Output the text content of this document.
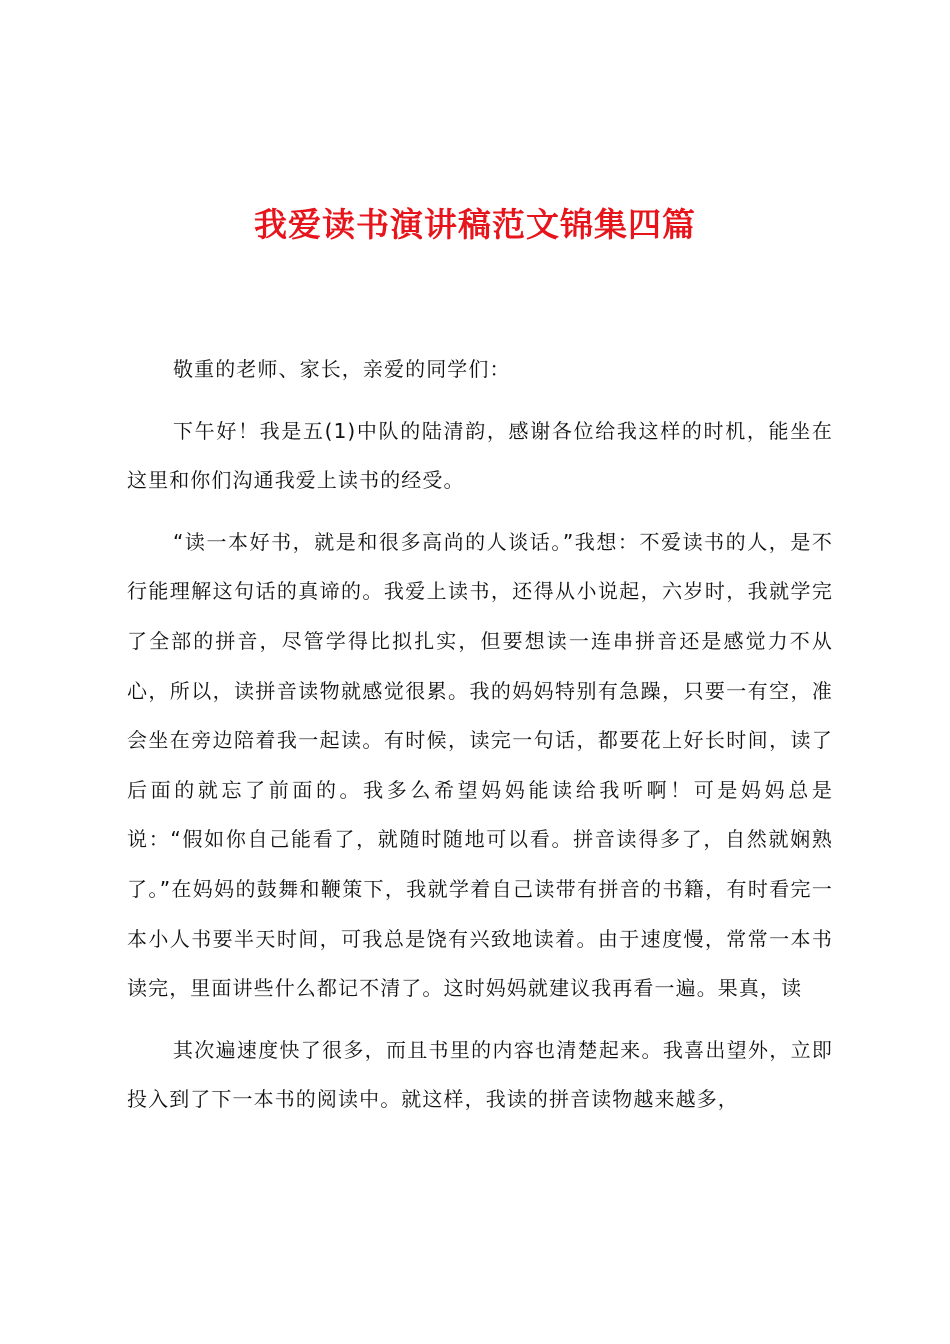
我爱读书演讲稿范文锦集四篇

敬重的老师、家长，亲爱的同学们：

下午好！我是五(1)中队的陆清韵，感谢各位给我这样的时机，能坐在这里和你们沟通我爱上读书的经受。

“读一本好书，就是和很多高尚的人谈话。”我想：不爱读书的人，是不行能理解这句话的真谛的。我爱上读书，还得从小说起，六岁时，我就学完了全部的拼音，尽管学得比拟扎实，但要想读一连串拼音还是感觉力不从心，所以，读拼音读物就感觉很累。我的妈妈特别有急躁，只要一有空，准会坐在旁边陪着我一起读。有时候，读完一句话，都要花上好长时间，读了后面的就忘了前面的。我多么希望妈妈能读给我听啊！可是妈妈总是说：“假如你自己能看了，就随时随地可以看。拼音读得多了，自然就娴熟了。”在妈妈的鼓舞和鞭策下，我就学着自己读带有拼音的书籍，有时看完一本小人书要半天时间，可我总是饶有兴致地读着。由于速度慢，常常一本书读完，里面讲些什么都记不清了。这时妈妈就建议我再看一遍。果真，读

其次遍速度快了很多，而且书里的内容也清楚起来。我喜出望外，立即投入到了下一本书的阅读中。就这样，我读的拼音读物越来越多，
